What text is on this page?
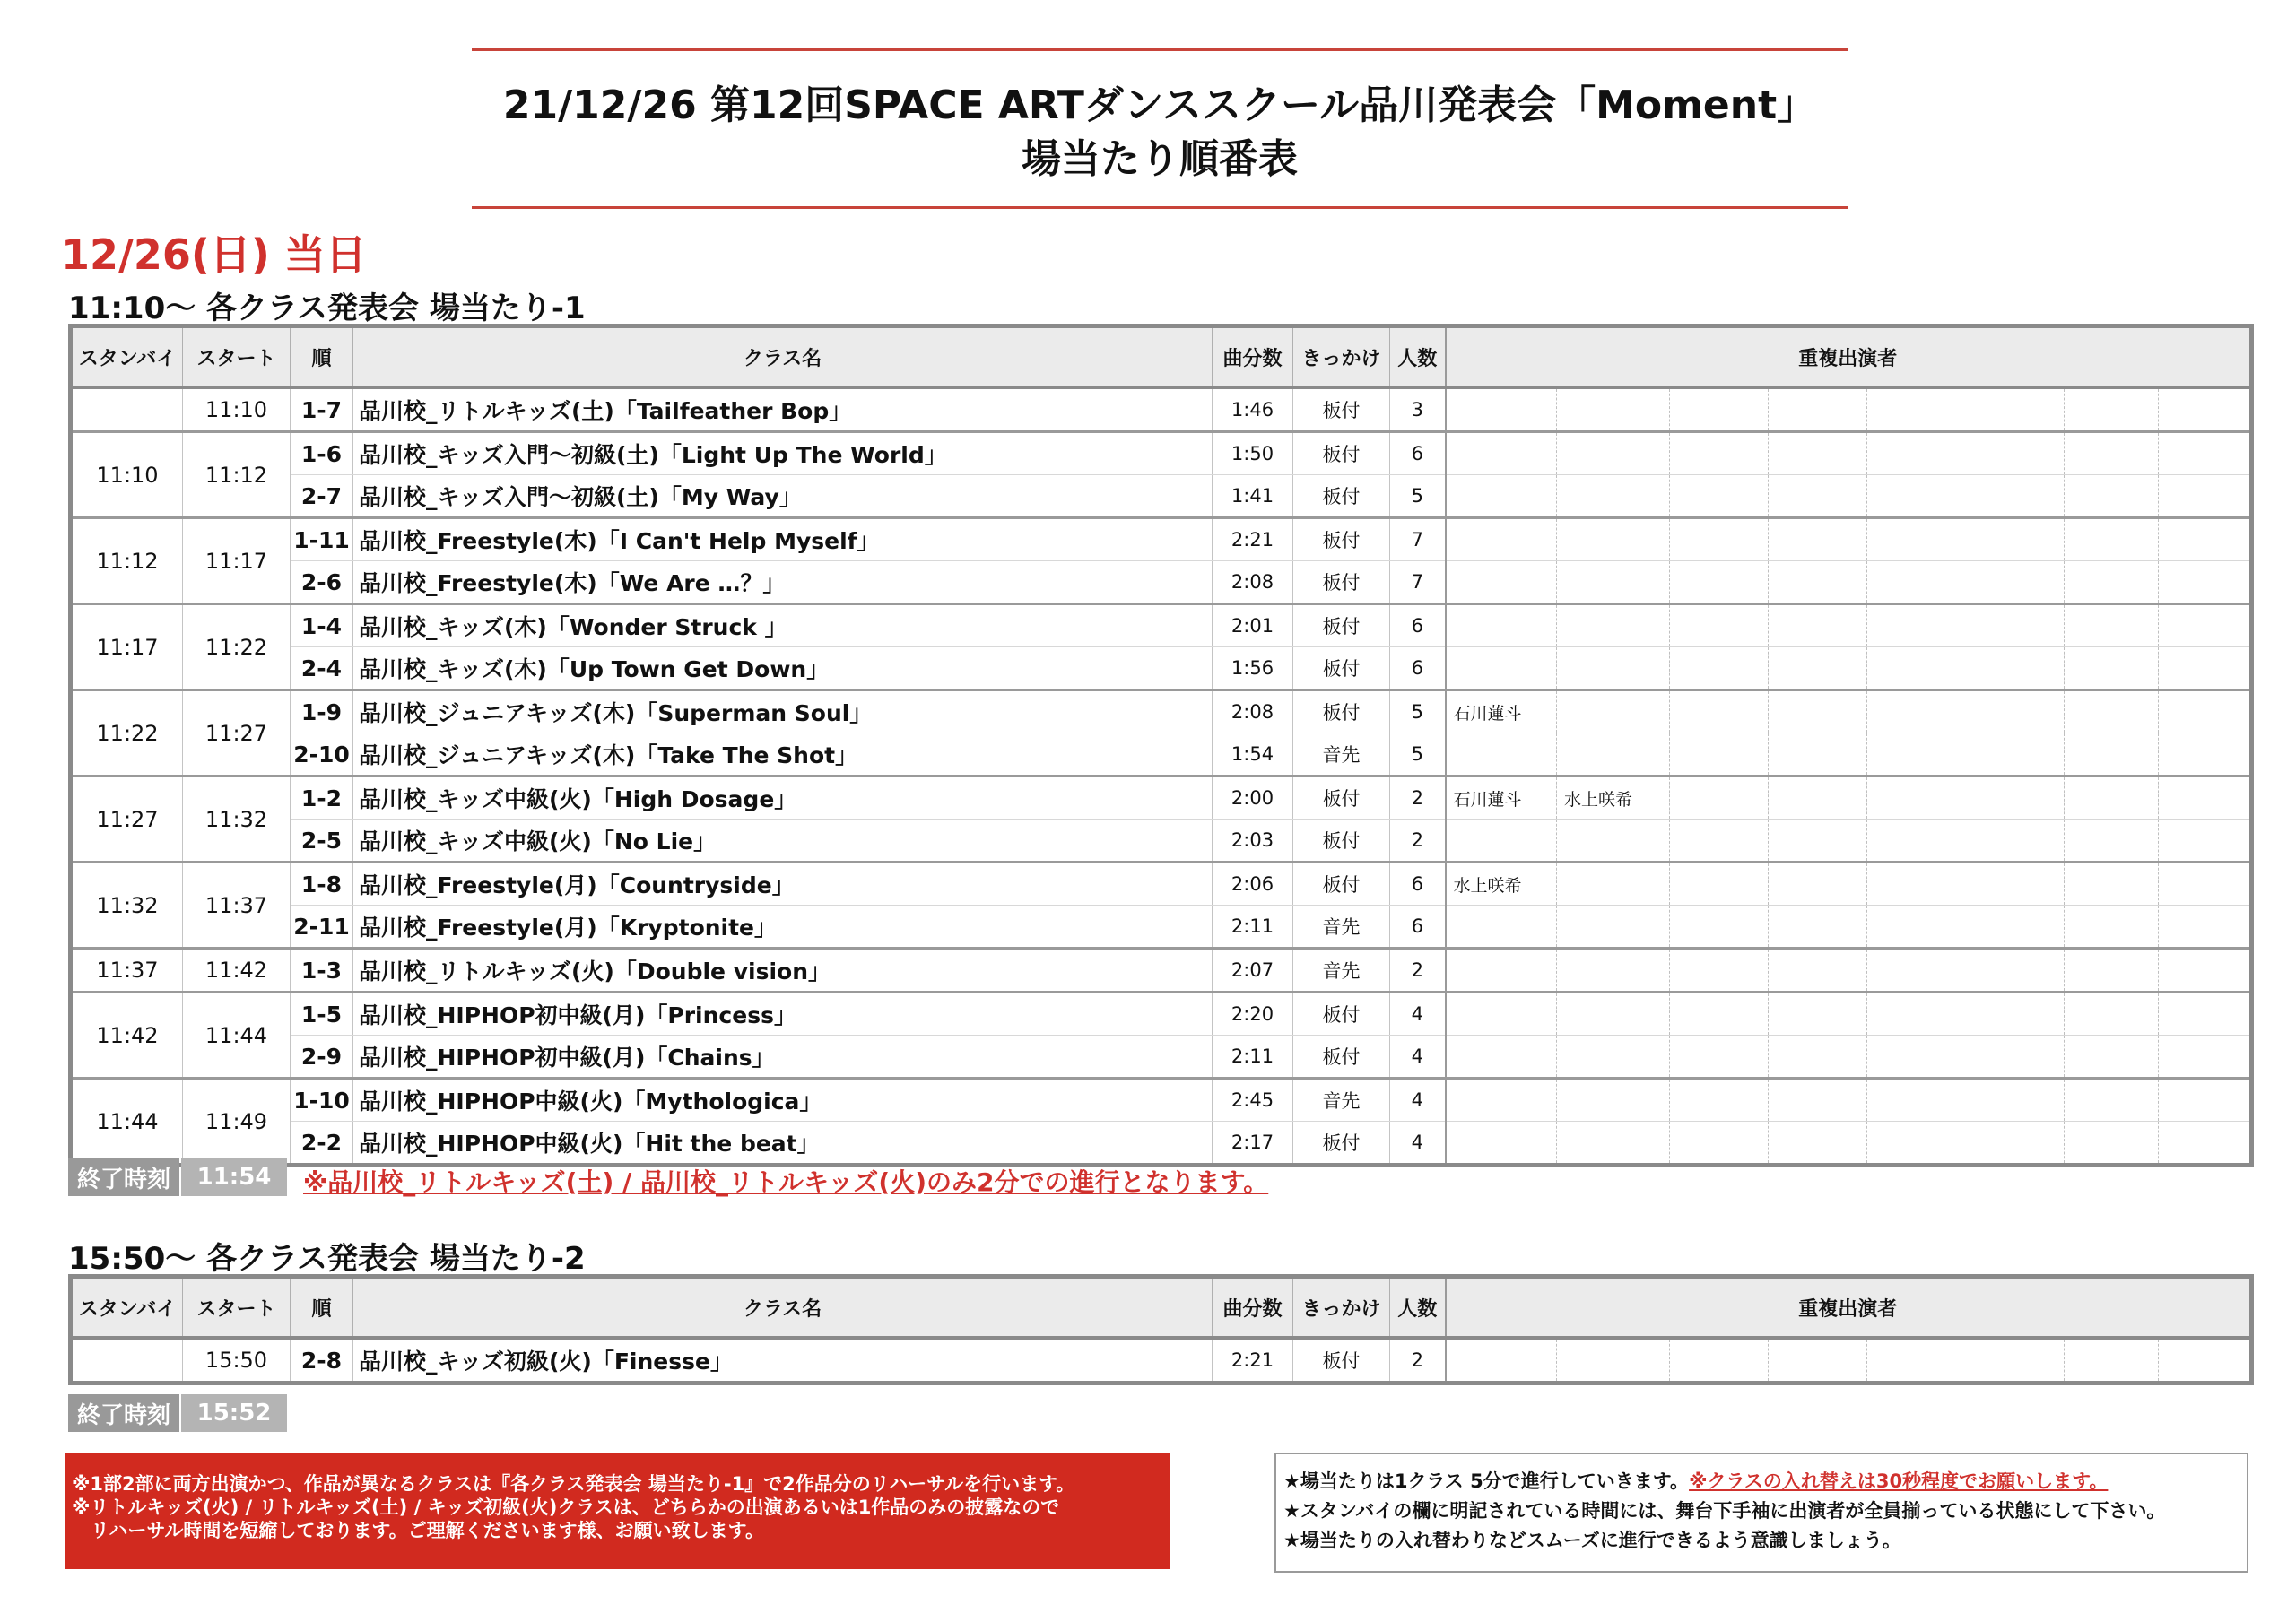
21/12/26 第12回SPACE ARTダンススクール品川発表会「Moment」
場当たり順番表
12/26(日) 当日
11:10〜 各クラス発表会 場当たり-1
スタンバイ	スタート	順	クラス名	曲分数	きっかけ	人数	重複出演者							
	11:10	1-7	品川校_リトルキッズ(土)「Tailfeather Bop」	1:46	板付	3								
11:10	11:12	1-6	品川校_キッズ入門〜初級(土)「Light Up The World」	1:50	板付	6								
		2-7	品川校_キッズ入門〜初級(土)「My Way」	1:41	板付	5								
11:12	11:17	1-11	品川校_Freestyle(木)「I Can't Help Myself」	2:21	板付	7								
		2-6	品川校_Freestyle(木)「We Are …？」	2:08	板付	7								
11:17	11:22	1-4	品川校_キッズ(木)「Wonder Struck 」	2:01	板付	6								
		2-4	品川校_キッズ(木)「Up Town Get Down」	1:56	板付	6								
11:22	11:27	1-9	品川校_ジュニアキッズ(木)「Superman Soul」	2:08	板付	5	石川蓮斗							
		2-10	品川校_ジュニアキッズ(木)「Take The Shot」	1:54	音先	5								
11:27	11:32	1-2	品川校_キッズ中級(火)「High Dosage」	2:00	板付	2	石川蓮斗	水上咲希						
		2-5	品川校_キッズ中級(火)「No Lie」	2:03	板付	2								
11:32	11:37	1-8	品川校_Freestyle(月)「Countryside」	2:06	板付	6	水上咲希							
		2-11	品川校_Freestyle(月)「Kryptonite」	2:11	音先	6								
11:37	11:42	1-3	品川校_リトルキッズ(火)「Double vision」	2:07	音先	2								
11:42	11:44	1-5	品川校_HIPHOP初中級(月)「Princess」	2:20	板付	4								
		2-9	品川校_HIPHOP初中級(月)「Chains」	2:11	板付	4								
11:44	11:49	1-10	品川校_HIPHOP中級(火)「Mythologica」	2:45	音先	4								
		2-2	品川校_HIPHOP中級(火)「Hit the beat」	2:17	板付	4								
終了時刻	11:54	※品川校_リトルキッズ(土) / 品川校_リトルキッズ(火)のみ2分での進行となります。
15:50〜 各クラス発表会 場当たり-2
スタンバイ	スタート	順	クラス名	曲分数	きっかけ	人数	重複出演者							
	15:50	2-8	品川校_キッズ初級(火)「Finesse」	2:21	板付	2								
終了時刻	15:52
※1部2部に両方出演かつ、作品が異なるクラスは『各クラス発表会 場当たり-1』で2作品分のリハーサルを行います。
※リトルキッズ(火) / リトルキッズ(土) / キッズ初級(火)クラスは、どちらかの出演あるいは1作品のみの披露なので
　リハーサル時間を短縮しております。ご理解くださいます様、お願い致します。
★場当たりは1クラス 5分で進行していきます。※クラスの入れ替えは30秒程度でお願いします。
★スタンバイの欄に明記されている時間には、舞台下手袖に出演者が全員揃っている状態にして下さい。
★場当たりの入れ替わりなどスムーズに進行できるよう意識しましょう。
